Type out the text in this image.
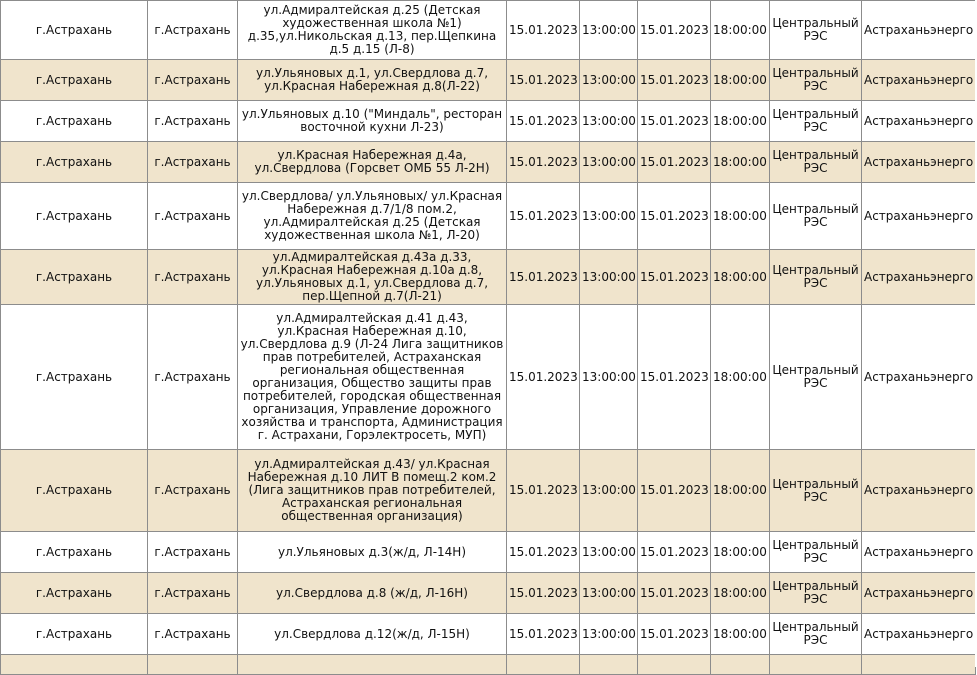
г.Астрахань	г.Астрахань	ул.Адмиралтейская д.25 (Детская художественная школа №1) д.35,ул.Никольская д.13, пер.Щепкина д.5 д.15 (Л-8)	15.01.2023	13:00:00	15.01.2023	18:00:00	Центральный РЭС	Астраханьэнерго
г.Астрахань	г.Астрахань	ул.Ульяновых д.1, ул.Свердлова д.7, ул.Красная Набережная д.8(Л-22)	15.01.2023	13:00:00	15.01.2023	18:00:00	Центральный РЭС	Астраханьэнерго
г.Астрахань	г.Астрахань	ул.Ульяновых д.10 ("Миндаль", ресторан восточной кухни Л-23)	15.01.2023	13:00:00	15.01.2023	18:00:00	Центральный РЭС	Астраханьэнерго
г.Астрахань	г.Астрахань	ул.Красная Набережная д.4а, ул.Свердлова (Горсвет ОМБ 55 Л-2Н)	15.01.2023	13:00:00	15.01.2023	18:00:00	Центральный РЭС	Астраханьэнерго
г.Астрахань	г.Астрахань	ул.Свердлова/ ул.Ульяновых/ ул.Красная Набережная д.7/1/8 пом.2, ул.Адмиралтейская д.25 (Детская художественная школа №1, Л-20)	15.01.2023	13:00:00	15.01.2023	18:00:00	Центральный РЭС	Астраханьэнерго
г.Астрахань	г.Астрахань	ул.Адмиралтейская д.43а д.33, ул.Красная Набережная д.10а д.8, ул.Ульяновых д.1, ул.Свердлова д.7, пер.Щепной д.7(Л-21)	15.01.2023	13:00:00	15.01.2023	18:00:00	Центральный РЭС	Астраханьэнерго
г.Астрахань	г.Астрахань	ул.Адмиралтейская д.41 д.43, ул.Красная Набережная д.10, ул.Свердлова д.9 (Л-24 Лига защитников прав потребителей, Астраханская региональная общественная организация, Общество защиты прав потребителей, городская общественная организация, Управление дорожного хозяйства и транспорта, Администрация г. Астрахани, Горэлектросеть, МУП)	15.01.2023	13:00:00	15.01.2023	18:00:00	Центральный РЭС	Астраханьэнерго
г.Астрахань	г.Астрахань	ул.Адмиралтейская д.43/ ул.Красная Набережная д.10 ЛИТ В помещ.2 ком.2 (Лига защитников прав потребителей, Астраханская региональная общественная организация)	15.01.2023	13:00:00	15.01.2023	18:00:00	Центральный РЭС	Астраханьэнерго
г.Астрахань	г.Астрахань	ул.Ульяновых д.3(ж/д, Л-14Н)	15.01.2023	13:00:00	15.01.2023	18:00:00	Центральный РЭС	Астраханьэнерго
г.Астрахань	г.Астрахань	ул.Свердлова д.8 (ж/д, Л-16Н)	15.01.2023	13:00:00	15.01.2023	18:00:00	Центральный РЭС	Астраханьэнерго
г.Астрахань	г.Астрахань	ул.Свердлова д.12(ж/д, Л-15Н)	15.01.2023	13:00:00	15.01.2023	18:00:00	Центральный РЭС	Астраханьэнерго
